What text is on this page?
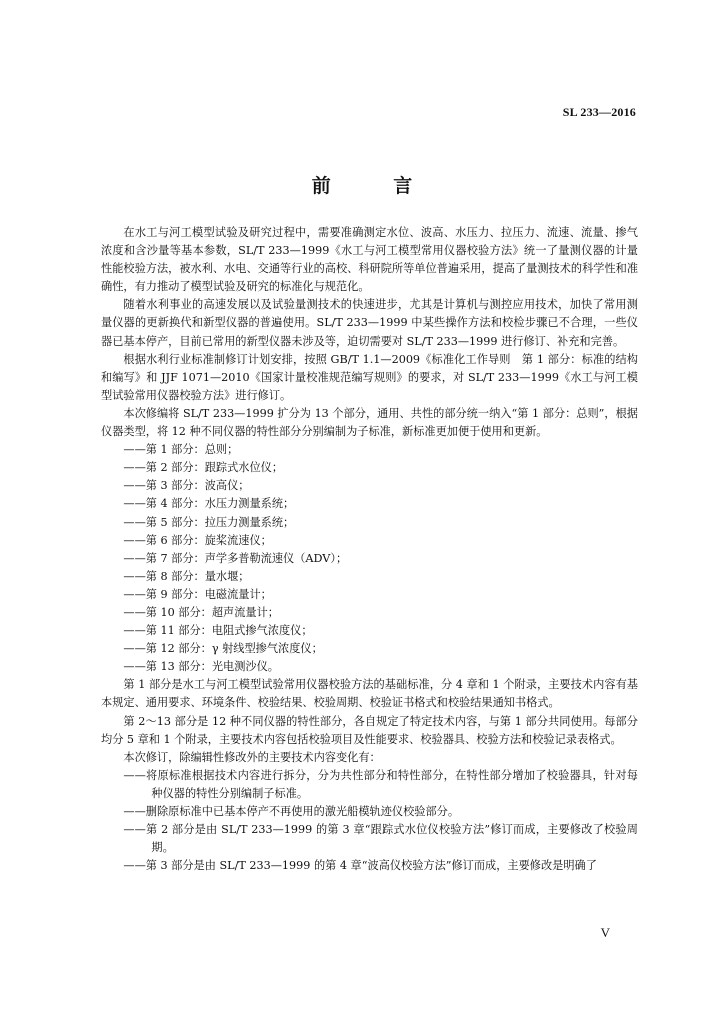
SL 233—2016
前 言

在水工与河工模型试验及研究过程中，需要准确测定水位、波高、水压力、拉压力、流速、流量、掺气浓度和含沙量等基本参数，SL/T 233—1999《水工与河工模型常用仪器校验方法》统一了量测仪器的计量性能校验方法，被水利、水电、交通等行业的高校、科研院所等单位普遍采用，提高了量测技术的科学性和准确性，有力推动了模型试验及研究的标准化与规范化。

随着水利事业的高速发展以及试验量测技术的快速进步，尤其是计算机与测控应用技术，加快了常用测量仪器的更新换代和新型仪器的普遍使用。SL/T 233—1999 中某些操作方法和校检步骤已不合理，一些仪器已基本停产，目前已常用的新型仪器未涉及等，迫切需要对 SL/T 233—1999 进行修订、补充和完善。

根据水利行业标准制修订计划安排，按照 GB/T 1.1—2009《标准化工作导则　第 1 部分：标准的结构和编写》和 JJF 1071—2010《国家计量校准规范编写规则》的要求，对 SL/T 233—1999《水工与河工模型试验常用仪器校验方法》进行修订。

本次修编将 SL/T 233—1999 扩分为 13 个部分，通用、共性的部分统一纳入“第 1 部分：总则”，根据仪器类型，将 12 种不同仪器的特性部分分别编制为子标准，新标准更加便于使用和更新。

——第 1 部分：总则；

——第 2 部分：跟踪式水位仪；

——第 3 部分：波高仪；

——第 4 部分：水压力测量系统；

——第 5 部分：拉压力测量系统；

——第 6 部分：旋桨流速仪；

——第 7 部分：声学多普勒流速仪（ADV）；

——第 8 部分：量水堰；

——第 9 部分：电磁流量计；

——第 10 部分：超声流量计；

——第 11 部分：电阻式掺气浓度仪；

——第 12 部分：γ 射线型掺气浓度仪；

——第 13 部分：光电测沙仪。

第 1 部分是水工与河工模型试验常用仪器校验方法的基础标准，分 4 章和 1 个附录，主要技术内容有基本规定、通用要求、环境条件、校验结果、校验周期、校验证书格式和校验结果通知书格式。

第 2～13 部分是 12 种不同仪器的特性部分，各自规定了特定技术内容，与第 1 部分共同使用。每部分均分 5 章和 1 个附录，主要技术内容包括校验项目及性能要求、校验器具、校验方法和校验记录表格式。

本次修订，除编辑性修改外的主要技术内容变化有：

——将原标准根据技术内容进行拆分，分为共性部分和特性部分，在特性部分增加了校验器具，针对每种仪器的特性分别编制子标准。

——删除原标准中已基本停产不再使用的激光船模轨迹仪校验部分。

——第 2 部分是由 SL/T 233—1999 的第 3 章“跟踪式水位仪校验方法”修订而成，主要修改了校验周期。

——第 3 部分是由 SL/T 233—1999 的第 4 章“波高仪校验方法”修订而成，主要修改是明确了

V
